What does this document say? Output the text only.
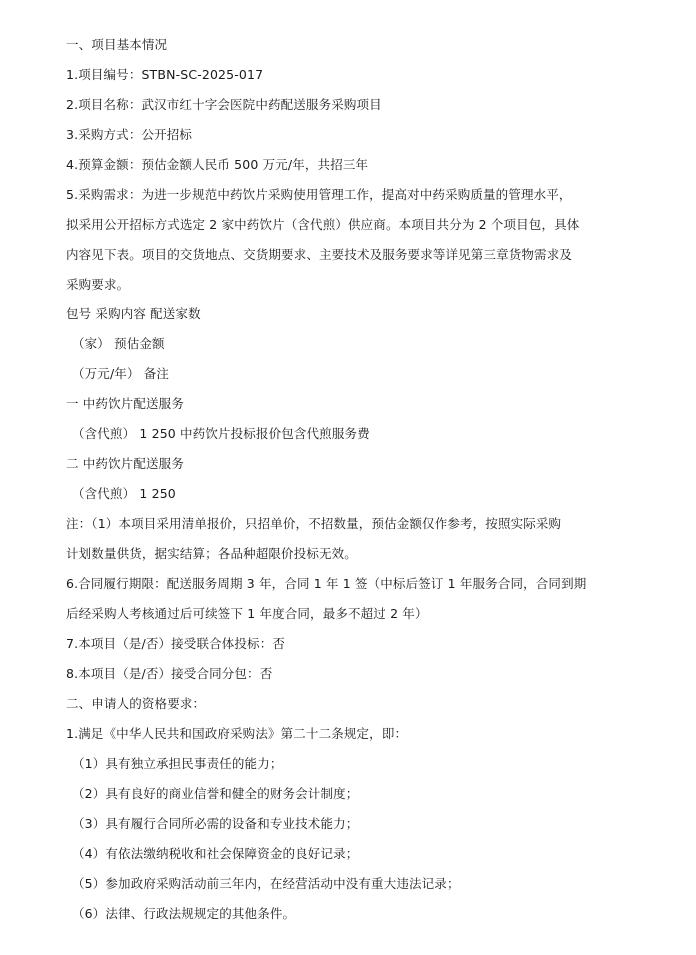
一、项目基本情况
1.项目编号：STBN-SC-2025-017
2.项目名称：武汉市红十字会医院中药配送服务采购项目
3.采购方式：公开招标
4.预算金额：预估金额人民币 500 万元/年，共招三年
5.采购需求：为进一步规范中药饮片采购使用管理工作，提高对中药采购质量的管理水平，
拟采用公开招标方式选定 2 家中药饮片（含代煎）供应商。本项目共分为 2 个项目包，具体
内容见下表。项目的交货地点、交货期要求、主要技术及服务要求等详见第三章货物需求及
采购要求。
包号 采购内容 配送家数
（家） 预估金额
（万元/年） 备注
一 中药饮片配送服务
（含代煎） 1 250 中药饮片投标报价包含代煎服务费
二 中药饮片配送服务
（含代煎） 1 250
注：（1）本项目采用清单报价，只招单价，不招数量，预估金额仅作参考，按照实际采购
计划数量供货，据实结算；各品种超限价投标无效。
6.合同履行期限：配送服务周期 3 年，合同 1 年 1 签（中标后签订 1 年服务合同，合同到期
后经采购人考核通过后可续签下 1 年度合同，最多不超过 2 年）
7.本项目（是/否）接受联合体投标：否
8.本项目（是/否）接受合同分包：否
二、申请人的资格要求：
1.满足《中华人民共和国政府采购法》第二十二条规定，即：
（1）具有独立承担民事责任的能力；
（2）具有良好的商业信誉和健全的财务会计制度；
（3）具有履行合同所必需的设备和专业技术能力；
（4）有依法缴纳税收和社会保障资金的良好记录；
（5）参加政府采购活动前三年内，在经营活动中没有重大违法记录；
（6）法律、行政法规规定的其他条件。
